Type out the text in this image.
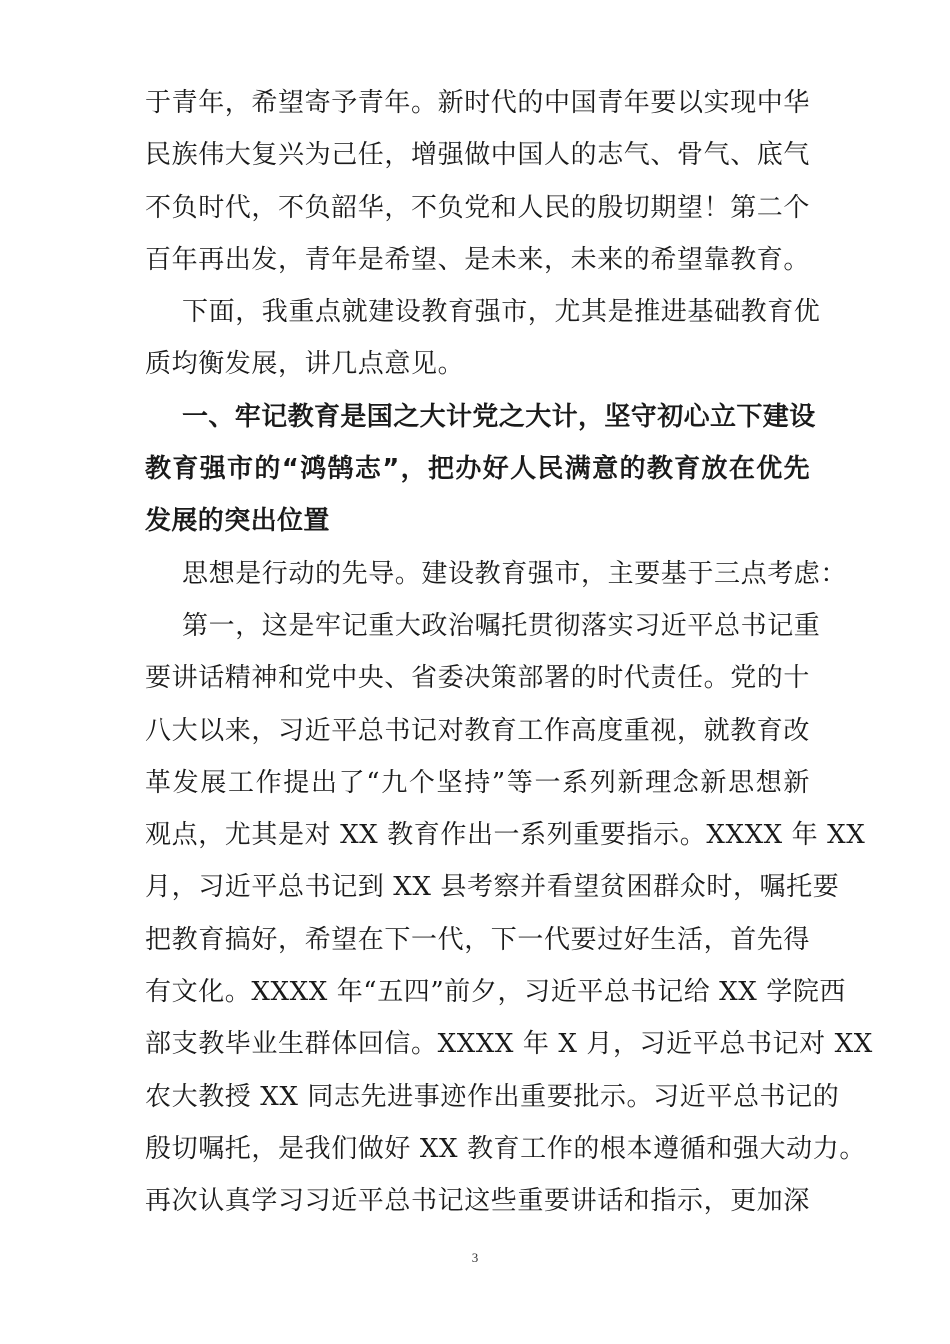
于青年，希望寄予青年。新时代的中国青年要以实现中华
民族伟大复兴为己任，增强做中国人的志气、骨气、底气
不负时代，不负韶华，不负党和人民的殷切期望！第二个
百年再出发，青年是希望、是未来，未来的希望靠教育。
下面，我重点就建设教育强市，尤其是推进基础教育优
质均衡发展，讲几点意见。
一、牢记教育是国之大计党之大计，坚守初心立下建设
教育强市的“鸿鹄志”，把办好人民满意的教育放在优先
发展的突出位置
思想是行动的先导。建设教育强市，主要基于三点考虑：
第一，这是牢记重大政治嘱托贯彻落实习近平总书记重
要讲话精神和党中央、省委决策部署的时代责任。党的十
八大以来，习近平总书记对教育工作高度重视，就教育改
革发展工作提出了“九个坚持”等一系列新理念新思想新
观点，尤其是对 XX 教育作出一系列重要指示。XXXX 年 XX
月，习近平总书记到 XX 县考察并看望贫困群众时，嘱托要
把教育搞好，希望在下一代，下一代要过好生活，首先得
有文化。XXXX 年“五四”前夕，习近平总书记给 XX 学院西
部支教毕业生群体回信。XXXX 年 X 月，习近平总书记对 XX
农大教授 XX 同志先进事迹作出重要批示。习近平总书记的
殷切嘱托，是我们做好 XX 教育工作的根本遵循和强大动力。
再次认真学习习近平总书记这些重要讲话和指示，更加深
3
